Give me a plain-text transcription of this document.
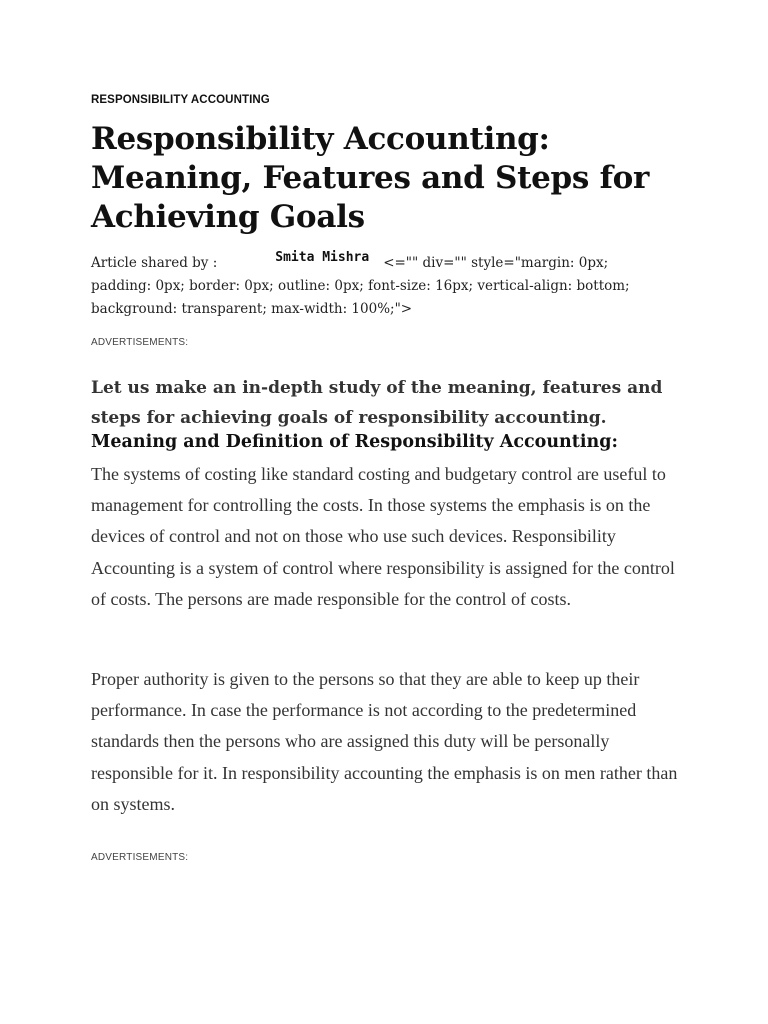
RESPONSIBILITY ACCOUNTING
Responsibility Accounting: Meaning, Features and Steps for Achieving Goals
Article shared by :	Smita Mishra <="" div="" style="margin: 0px; padding: 0px; border: 0px; outline: 0px; font-size: 16px; vertical-align: bottom; background: transparent; max-width: 100%;">
ADVERTISEMENTS:

Let us make an in-depth study of the meaning, features and steps for achieving goals of responsibility accounting.

Meaning and Definition of Responsibility Accounting:

The systems of costing like standard costing and budgetary control are useful to management for controlling the costs. In those systems the emphasis is on the devices of control and not on those who use such devices. Responsibility Accounting is a system of control where responsibility is assigned for the control of costs. The persons are made responsible for the control of costs.

Proper authority is given to the persons so that they are able to keep up their performance. In case the performance is not according to the predetermined standards then the persons who are assigned this duty will be personally responsible for it. In responsibility accounting the emphasis is on men rather than on systems.

ADVERTISEMENTS:
